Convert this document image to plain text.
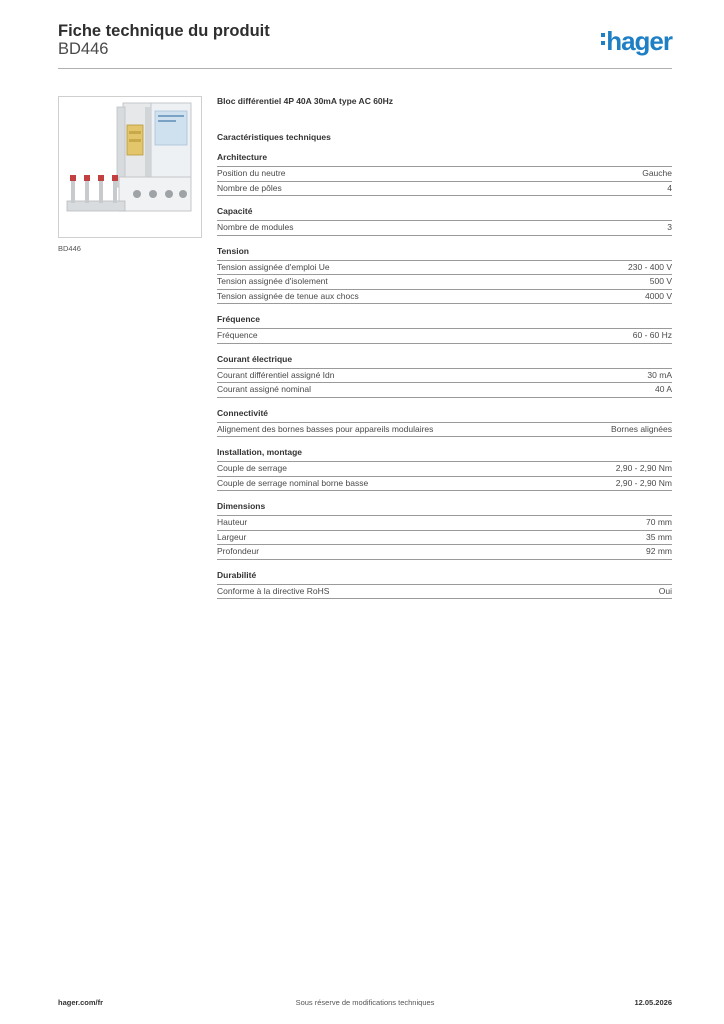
Fiche technique du produit
BD446	hager
BD446
Bloc différentiel 4P 40A 30mA type AC 60Hz
Caractéristiques techniques
Architecture
Position du neutre	Gauche
Nombre de pôles	4
Capacité
Nombre de modules	3
Tension
Tension assignée d'emploi Ue	230 - 400 V
Tension assignée d'isolement	500 V
Tension assignée de tenue aux chocs	4000 V
Fréquence
Fréquence	60 - 60 Hz
Courant électrique
Courant différentiel assigné Idn	30 mA
Courant assigné nominal	40 A
Connectivité
Alignement des bornes basses pour appareils modulaires	Bornes alignées
Installation, montage
Couple de serrage	2,90 - 2,90 Nm
Couple de serrage nominal borne basse	2,90 - 2,90 Nm
Dimensions
Hauteur	70 mm
Largeur	35 mm
Profondeur	92 mm
Durabilité
Conforme à la directive RoHS	Oui
hager.com/fr	Sous réserve de modifications techniques	12.05.2026
